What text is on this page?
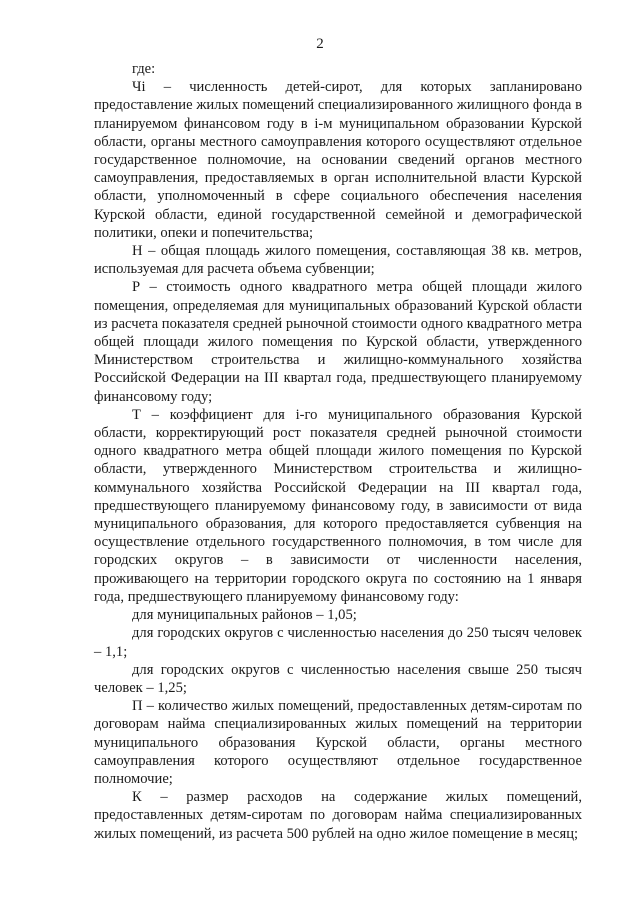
2

где:

Чі – численность детей-сирот, для которых запланировано предоставление жилых помещений специализированного жилищного фонда в планируемом финансовом году в і-м муниципальном образовании Курской области, органы местного самоуправления которого осуществляют отдельное государственное полномочие, на основании сведений органов местного самоуправления, предоставляемых в орган исполнительной власти Курской области, уполномоченный в сфере социального обеспечения населения Курской области, единой государственной семейной и демографической политики, опеки и попечительства;

Н – общая площадь жилого помещения, составляющая 38 кв. метров, используемая для расчета объема субвенции;

Р – стоимость одного квадратного метра общей площади жилого помещения, определяемая для муниципальных образований Курской области из расчета показателя средней рыночной стоимости одного квадратного метра общей площади жилого помещения по Курской области, утвержденного Министерством строительства и жилищно-коммунального хозяйства Российской Федерации на III квартал года, предшествующего планируемому финансовому году;

Т – коэффициент для і-го муниципального образования Курской области, корректирующий рост показателя средней рыночной стоимости одного квадратного метра общей площади жилого помещения по Курской области, утвержденного Министерством строительства и жилищно-коммунального хозяйства Российской Федерации на III квартал года, предшествующего планируемому финансовому году, в зависимости от вида муниципального образования, для которого предоставляется субвенция на осуществление отдельного государственного полномочия, в том числе для городских округов – в зависимости от численности населения, проживающего на территории городского округа по состоянию на 1 января года, предшествующего планируемому финансовому году:

для муниципальных районов – 1,05;

для городских округов с численностью населения до 250 тысяч человек – 1,1;

для городских округов с численностью населения свыше 250 тысяч человек – 1,25;

П – количество жилых помещений, предоставленных детям-сиротам по договорам найма специализированных жилых помещений на территории муниципального образования Курской области, органы местного самоуправления которого осуществляют отдельное государственное полномочие;

К – размер расходов на содержание жилых помещений, предоставленных детям-сиротам по договорам найма специализированных жилых помещений, из расчета 500 рублей на одно жилое помещение в месяц;
